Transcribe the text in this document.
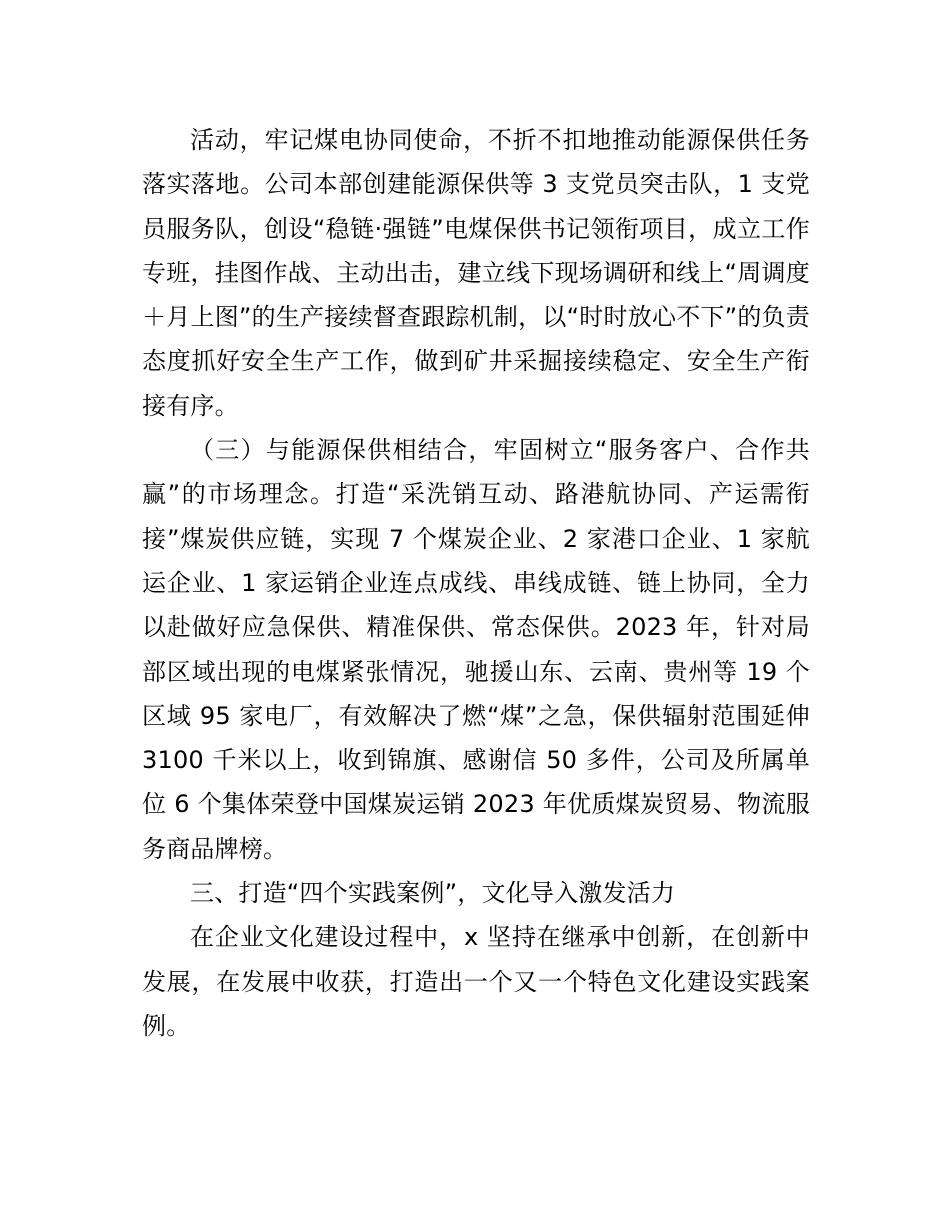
活动，牢记煤电协同使命，不折不扣地推动能源保供任务落实落地。公司本部创建能源保供等 3 支党员突击队，1 支党员服务队，创设“稳链·强链”电煤保供书记领衔项目，成立工作专班，挂图作战、主动出击，建立线下现场调研和线上“周调度＋月上图”的生产接续督查跟踪机制，以“时时放心不下”的负责态度抓好安全生产工作，做到矿井采掘接续稳定、安全生产衔接有序。

（三）与能源保供相结合，牢固树立“服务客户、合作共赢”的市场理念。打造“采洗销互动、路港航协同、产运需衔接”煤炭供应链，实现 7 个煤炭企业、2 家港口企业、1 家航运企业、1 家运销企业连点成线、串线成链、链上协同，全力以赴做好应急保供、精准保供、常态保供。2023 年，针对局部区域出现的电煤紧张情况，驰援山东、云南、贵州等 19 个区域 95 家电厂，有效解决了燃“煤”之急，保供辐射范围延伸 3100 千米以上，收到锦旗、感谢信 50 多件，公司及所属单位 6 个集体荣登中国煤炭运销 2023 年优质煤炭贸易、物流服务商品牌榜。

三、打造“四个实践案例”，文化导入激发活力

在企业文化建设过程中，x 坚持在继承中创新，在创新中发展，在发展中收获，打造出一个又一个特色文化建设实践案例。
